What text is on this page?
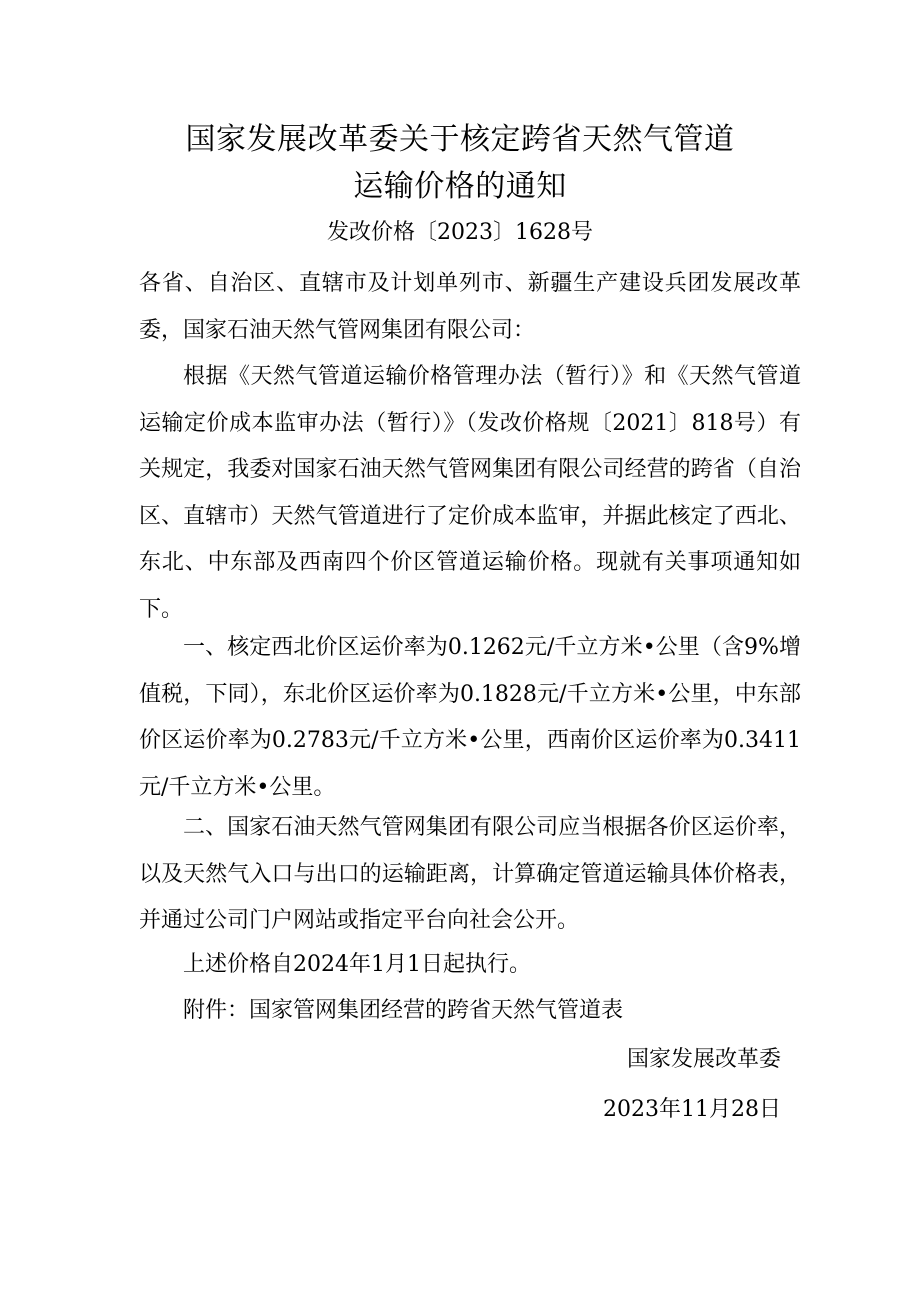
国家发展改革委关于核定跨省天然气管道
运输价格的通知
发改价格〔2023〕1628号
各省、自治区、直辖市及计划单列市、新疆生产建设兵团发展改革委，国家石油天然气管网集团有限公司：
根据《天然气管道运输价格管理办法（暂行）》和《天然气管道运输定价成本监审办法（暂行）》（发改价格规〔2021〕818号）有关规定，我委对国家石油天然气管网集团有限公司经营的跨省（自治区、直辖市）天然气管道进行了定价成本监审，并据此核定了西北、东北、中东部及西南四个价区管道运输价格。现就有关事项通知如下。
一、核定西北价区运价率为0.1262元/千立方米•公里（含9%增值税，下同），东北价区运价率为0.1828元/千立方米•公里，中东部价区运价率为0.2783元/千立方米•公里，西南价区运价率为0.3411元/千立方米•公里。
二、国家石油天然气管网集团有限公司应当根据各价区运价率，以及天然气入口与出口的运输距离，计算确定管道运输具体价格表，并通过公司门户网站或指定平台向社会公开。
上述价格自2024年1月1日起执行。
附件：国家管网集团经营的跨省天然气管道表
国家发展改革委
2023年11月28日
